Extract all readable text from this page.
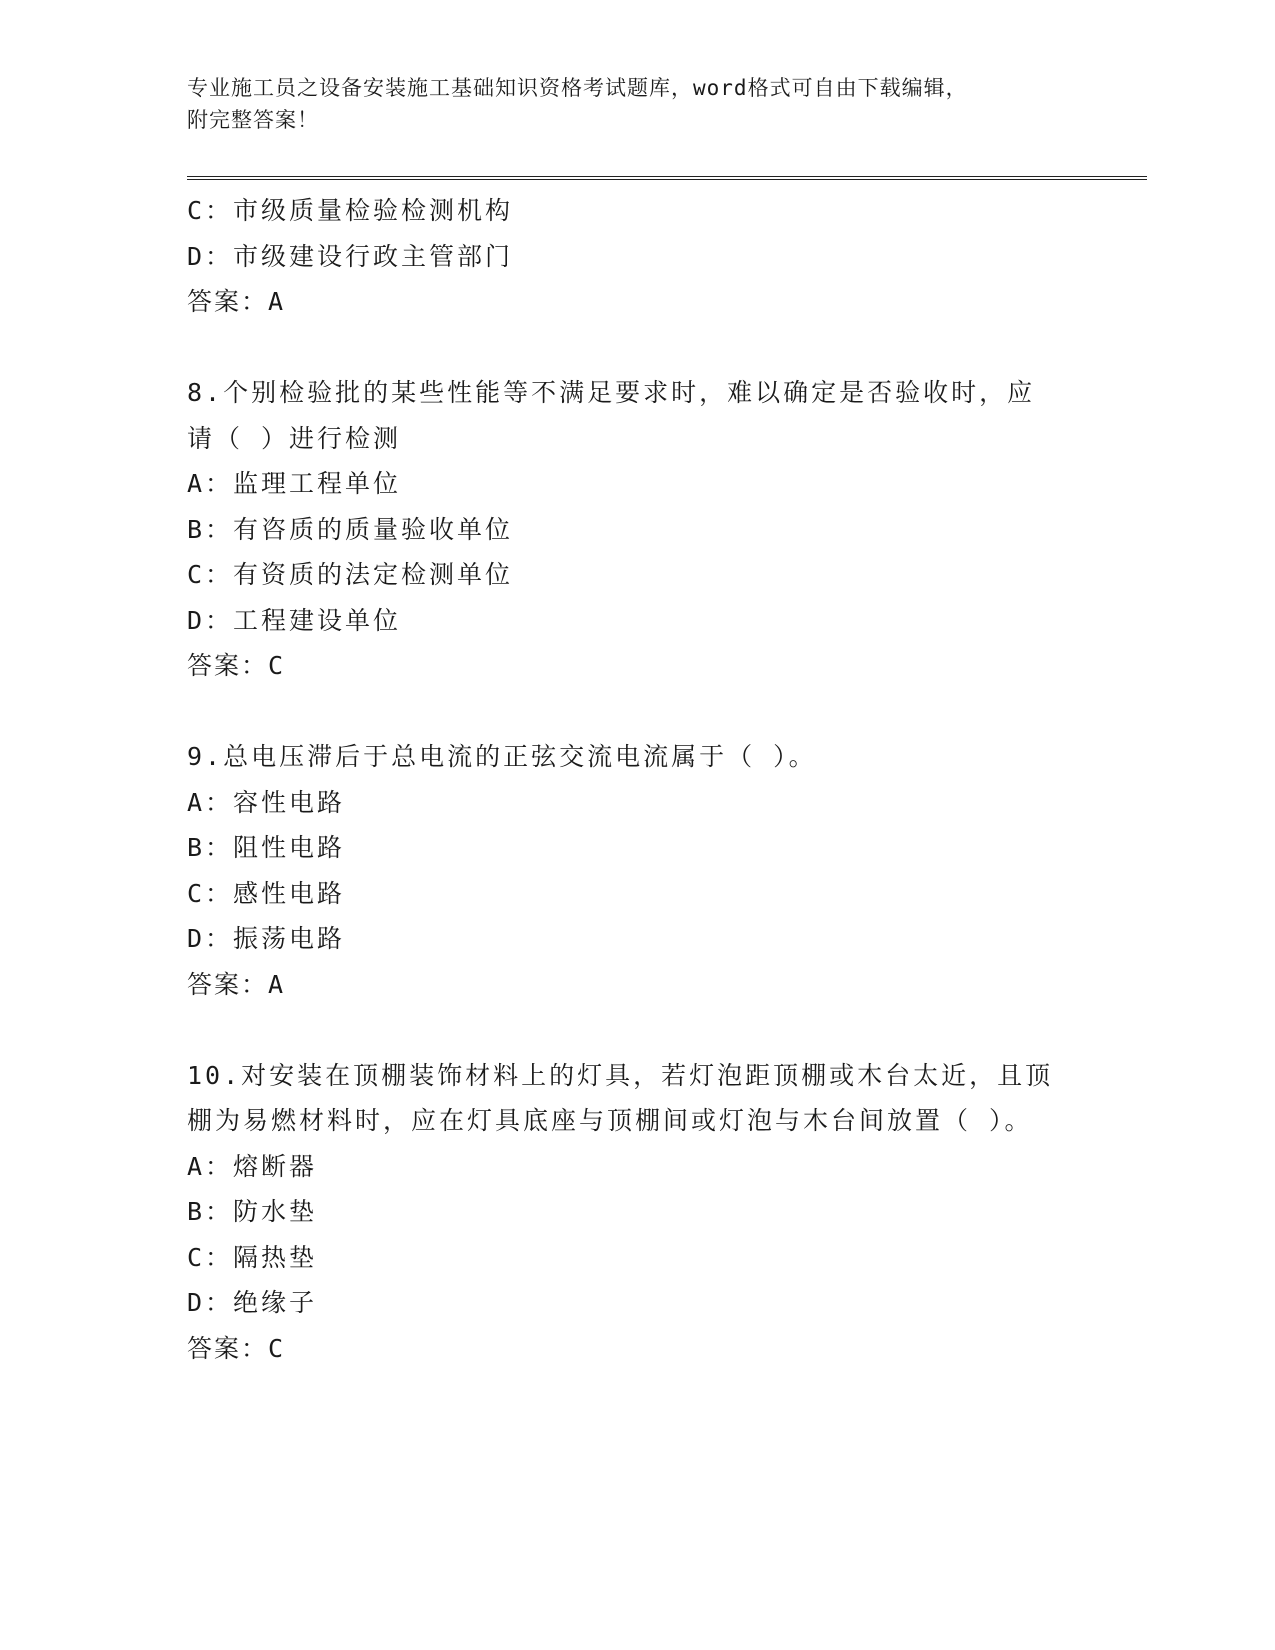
专业施工员之设备安装施工基础知识资格考试题库，word格式可自由下载编辑，
附完整答案！
C：市级质量检验检测机构
D：市级建设行政主管部门
答案：A
8.个别检验批的某些性能等不满足要求时，难以确定是否验收时，应
请（ ）进行检测
A：监理工程单位
B：有咨质的质量验收单位
C：有资质的法定检测单位
D：工程建设单位
答案：C
9.总电压滞后于总电流的正弦交流电流属于（ ）。
A：容性电路
B：阻性电路
C：感性电路
D：振荡电路
答案：A
10.对安装在顶棚装饰材料上的灯具，若灯泡距顶棚或木台太近，且顶
棚为易燃材料时，应在灯具底座与顶棚间或灯泡与木台间放置（ ）。
A：熔断器
B：防水垫
C：隔热垫
D：绝缘子
答案：C
